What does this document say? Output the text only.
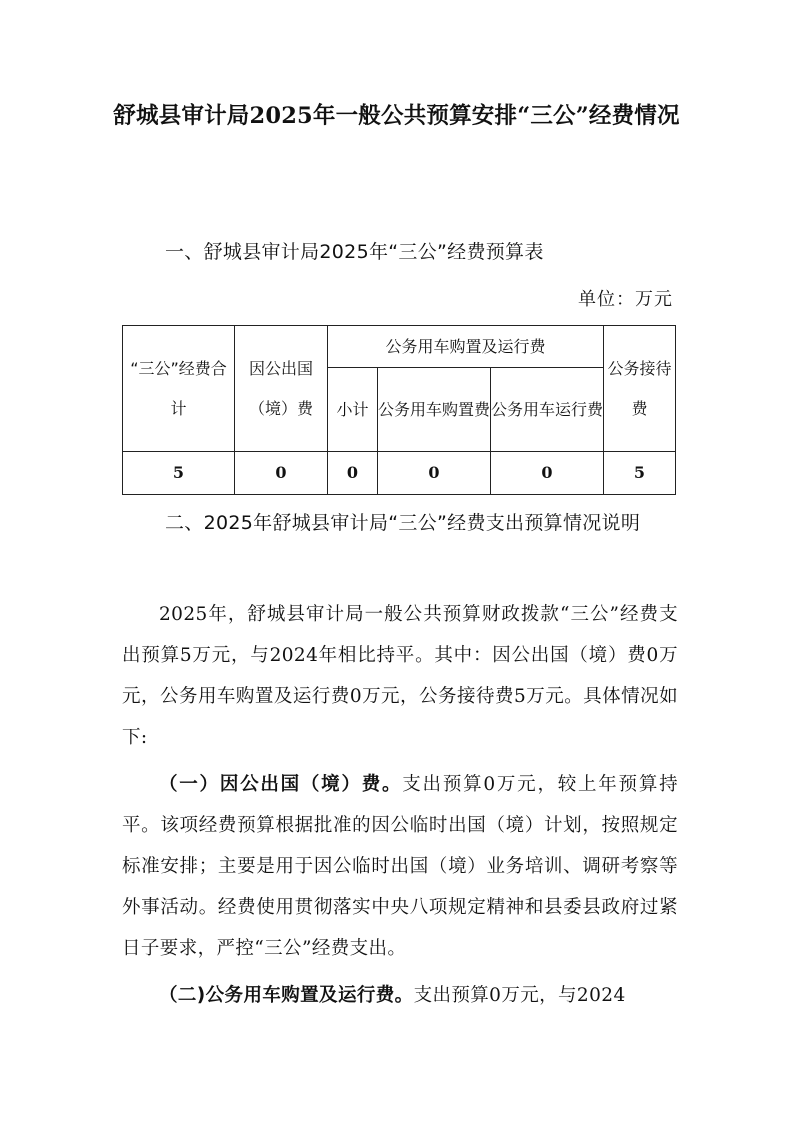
舒城县审计局2025年一般公共预算安排“三公”经费情况
一、舒城县审计局2025年“三公”经费预算表
单位：万元
“三公”经费合计	因公出国（境）费	公务用车购置及运行费			公务接待费
		小计	公务用车购置费	公务用车运行费	
5	0	0	0	0	5
二、2025年舒城县审计局“三公”经费支出预算情况说明
2025年，舒城县审计局一般公共预算财政拨款“三公”经费支出预算5万元，与2024年相比持平。其中：因公出国（境）费0万元，公务用车购置及运行费0万元，公务接待费5万元。具体情况如下:
（一）因公出国（境）费。支出预算0万元，较上年预算持平。该项经费预算根据批准的因公临时出国（境）计划，按照规定标准安排；主要是用于因公临时出国（境）业务培训、调研考察等外事活动。经费使用贯彻落实中央八项规定精神和县委县政府过紧日子要求，严控“三公”经费支出。
（二)公务用车购置及运行费。支出预算0万元，与2024
